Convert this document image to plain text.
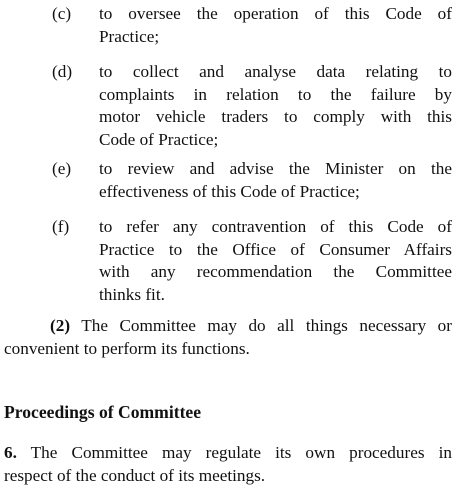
(c) to oversee the operation of this Code of
Practice;
(d) to collect and analyse data relating to
complaints in relation to the failure by
motor vehicle traders to comply with this
Code of Practice;
(e) to review and advise the Minister on the
effectiveness of this Code of Practice;
(f) to refer any contravention of this Code of
Practice to the Office of Consumer Affairs
with any recommendation the Committee
thinks fit.
(2) The Committee may do all things necessary or
convenient to perform its functions.
Proceedings of Committee
6. The Committee may regulate its own procedures in
respect of the conduct of its meetings.
